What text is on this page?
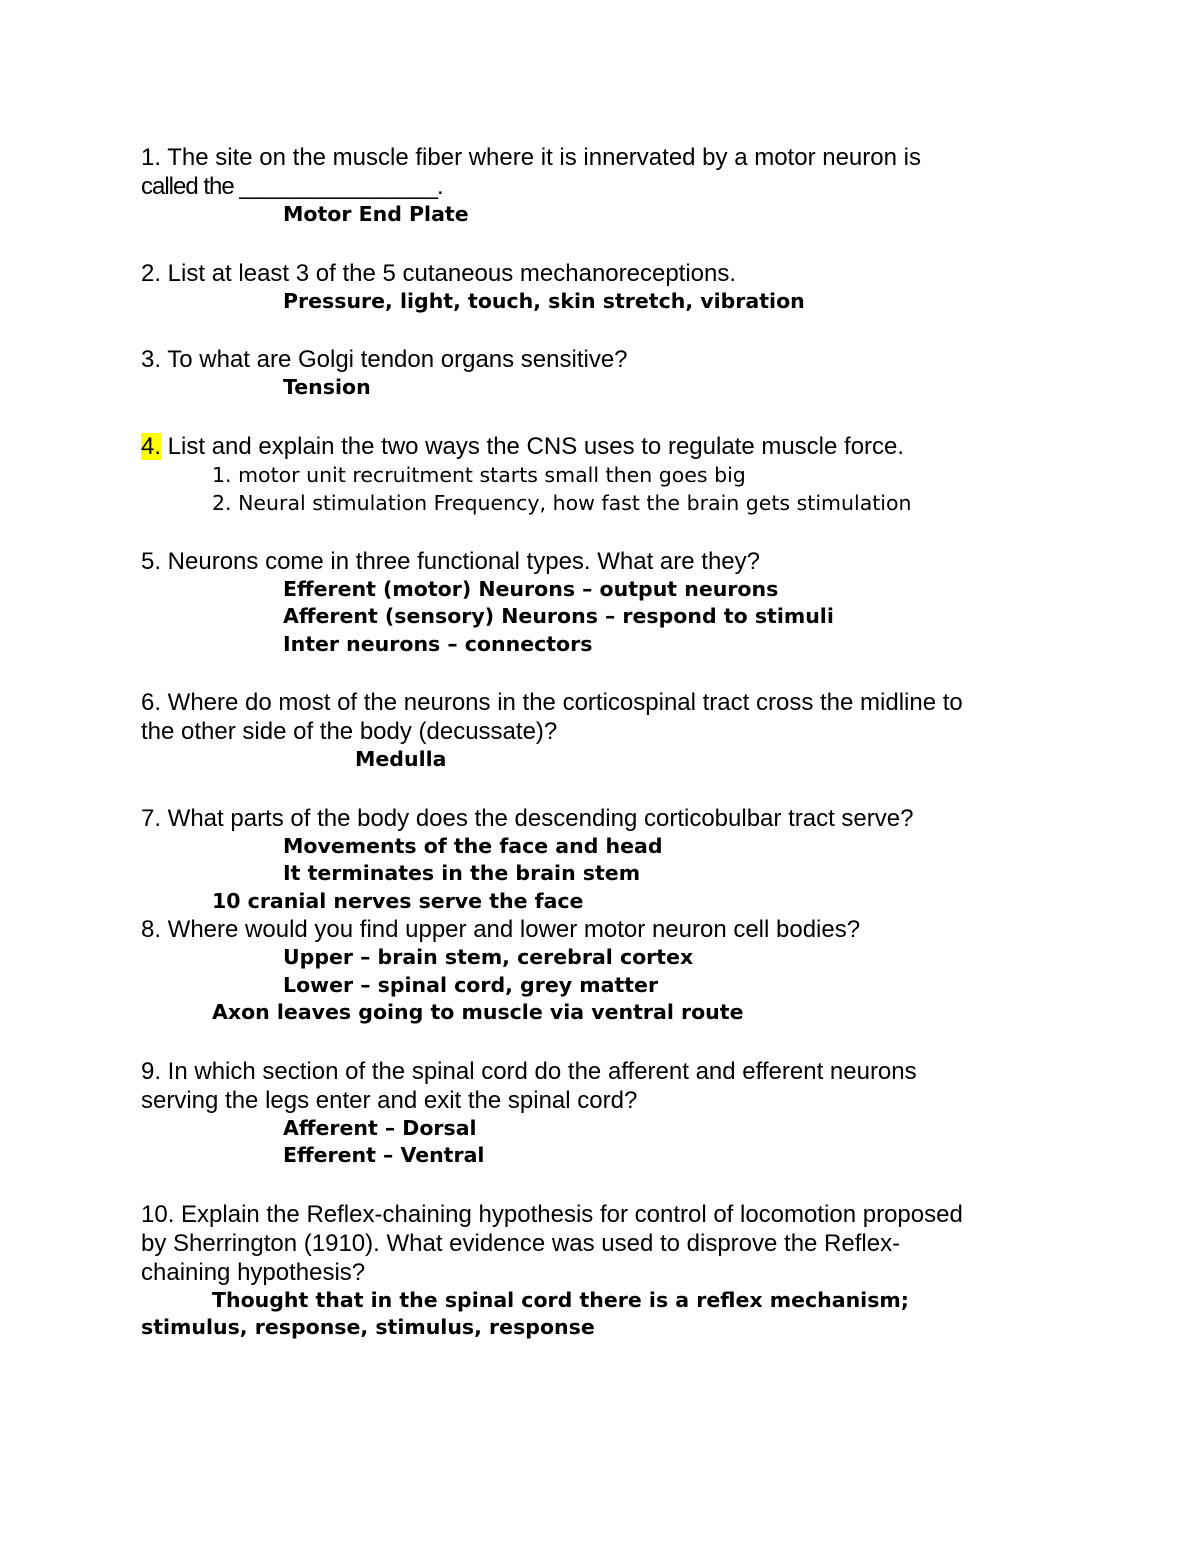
1. The site on the muscle fiber where it is innervated by a motor neuron is

called the ________________.

Motor End Plate

2. List at least 3 of the 5 cutaneous mechanoreceptions.

Pressure, light, touch, skin stretch, vibration

3. To what are Golgi tendon organs sensitive?

Tension

4. List and explain the two ways the CNS uses to regulate muscle force.

1. motor unit recruitment starts small then goes big

2. Neural stimulation Frequency, how fast the brain gets stimulation

5. Neurons come in three functional types. What are they?

Efferent (motor) Neurons – output neurons

Afferent (sensory) Neurons – respond to stimuli

Inter neurons – connectors

6. Where do most of the neurons in the corticospinal tract cross the midline to

the other side of the body (decussate)?

Medulla

7. What parts of the body does the descending corticobulbar tract serve?

Movements of the face and head

It terminates in the brain stem

10 cranial nerves serve the face

8. Where would you find upper and lower motor neuron cell bodies?

Upper – brain stem, cerebral cortex

Lower – spinal cord, grey matter

Axon leaves going to muscle via ventral route

9. In which section of the spinal cord do the afferent and efferent neurons

serving the legs enter and exit the spinal cord?

Afferent – Dorsal

Efferent – Ventral

10. Explain the Reflex-chaining hypothesis for control of locomotion proposed

by Sherrington (1910). What evidence was used to disprove the Reflex-

chaining hypothesis?

Thought that in the spinal cord there is a reflex mechanism;

stimulus, response, stimulus, response
